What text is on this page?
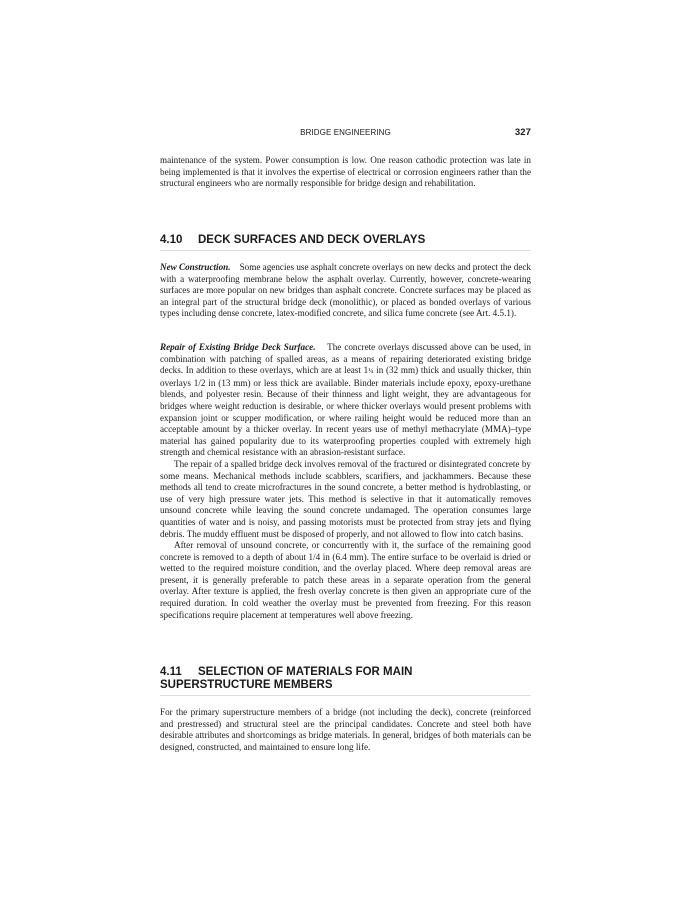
BRIDGE ENGINEERING	327

maintenance of the system. Power consumption is low. One reason cathodic protection was late in being implemented is that it involves the expertise of electrical or corrosion engineers rather than the structural engineers who are normally responsible for bridge design and rehabilitation.

4.10 DECK SURFACES AND DECK OVERLAYS

New Construction. Some agencies use asphalt concrete overlays on new decks and protect the deck with a waterproofing membrane below the asphalt overlay. Currently, however, concrete-wearing surfaces are more popular on new bridges than asphalt concrete. Concrete surfaces may be placed as an integral part of the structural bridge deck (monolithic), or placed as bonded overlays of various types including dense concrete, latex-modified concrete, and silica fume concrete (see Art. 4.5.1).

Repair of Existing Bridge Deck Surface. The concrete overlays discussed above can be used, in combination with patching of spalled areas, as a means of repairing deteriorated existing bridge decks. In addition to these overlays, which are at least 1¼ in (32 mm) thick and usually thicker, thin overlays 1/2 in (13 mm) or less thick are available. Binder materials include epoxy, epoxy-urethane blends, and polyester resin. Because of their thinness and light weight, they are advantageous for bridges where weight reduction is desirable, or where thicker overlays would present problems with expansion joint or scupper modification, or where railing height would be reduced more than an acceptable amount by a thicker overlay. In recent years use of methyl methacrylate (MMA)–type material has gained popularity due to its waterproofing properties coupled with extremely high strength and chemical resistance with an abrasion-resistant surface.

The repair of a spalled bridge deck involves removal of the fractured or disintegrated concrete by some means. Mechanical methods include scabblers, scarifiers, and jackhammers. Because these methods all tend to create microfractures in the sound concrete, a better method is hydroblasting, or use of very high pressure water jets. This method is selective in that it automatically removes unsound concrete while leaving the sound concrete undamaged. The operation consumes large quantities of water and is noisy, and passing motorists must be protected from stray jets and flying debris. The muddy effluent must be disposed of properly, and not allowed to flow into catch basins.

After removal of unsound concrete, or concurrently with it, the surface of the remaining good concrete is removed to a depth of about 1/4 in (6.4 mm). The entire surface to be overlaid is dried or wetted to the required moisture condition, and the overlay placed. Where deep removal areas are present, it is generally preferable to patch these areas in a separate operation from the general overlay. After texture is applied, the fresh overlay concrete is then given an appropriate cure of the required duration. In cold weather the overlay must be prevented from freezing. For this reason specifications require placement at temperatures well above freezing.

4.11 SELECTION OF MATERIALS FOR MAIN
SUPERSTRUCTURE MEMBERS

For the primary superstructure members of a bridge (not including the deck), concrete (reinforced and prestressed) and structural steel are the principal candidates. Concrete and steel both have desirable attributes and shortcomings as bridge materials. In general, bridges of both materials can be designed, constructed, and maintained to ensure long life.
